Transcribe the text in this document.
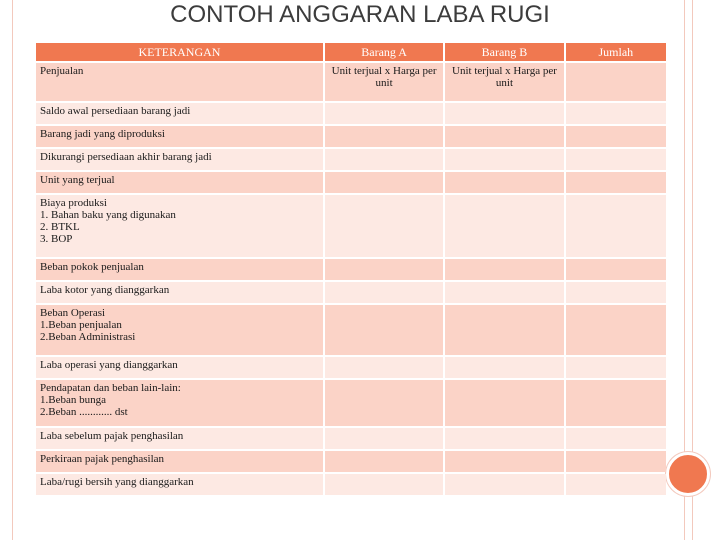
CONTOH ANGGARAN LABA RUGI
KETERANGAN	Barang A	Barang B	Jumlah
Penjualan	Unit terjual x Harga per unit	Unit terjual x Harga per unit	
Saldo awal persediaan barang jadi			
Barang jadi yang diproduksi			
Dikurangi persediaan akhir barang jadi			
Unit yang terjual			
Biaya produksi
1. Bahan baku yang digunakan
2. BTKL
3. BOP			
Beban pokok penjualan			
Laba kotor yang dianggarkan			
Beban Operasi
1.Beban penjualan
2.Beban Administrasi			
Laba operasi yang dianggarkan			
Pendapatan dan beban lain-lain:
1.Beban bunga
2.Beban ............ dst			
Laba sebelum pajak penghasilan			
Perkiraan pajak penghasilan			
Laba/rugi bersih yang dianggarkan			
